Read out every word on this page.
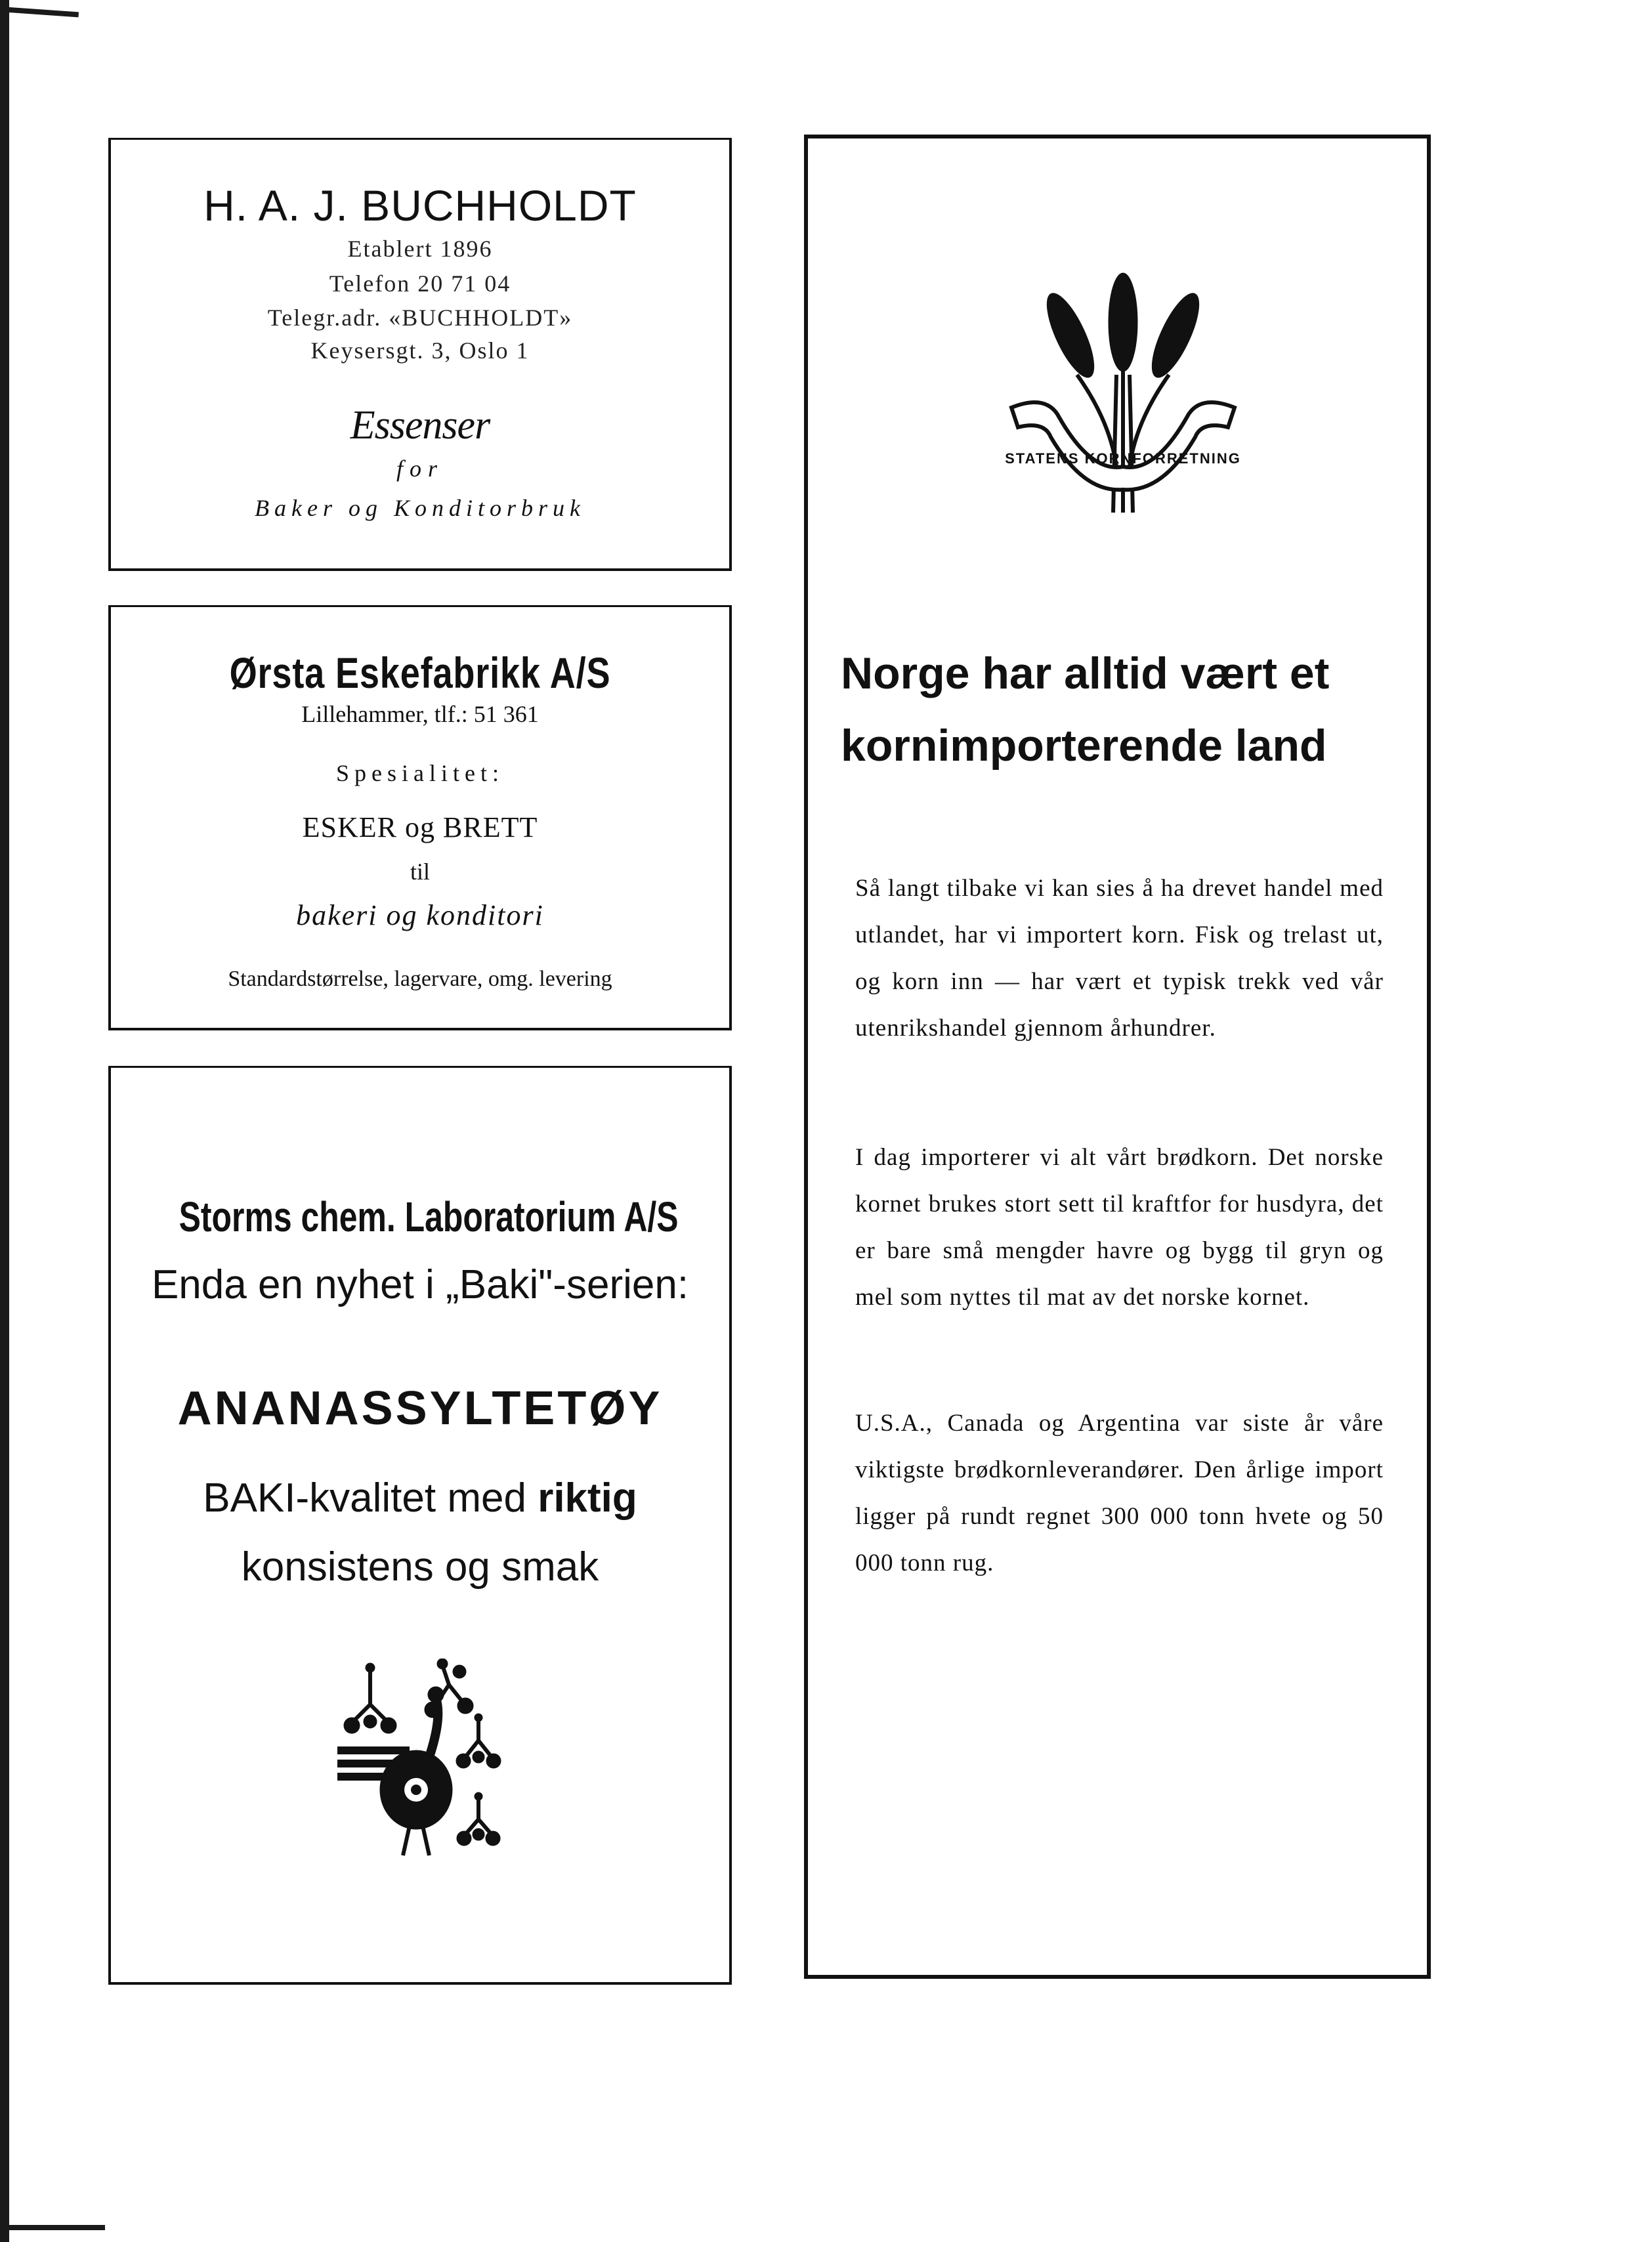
H. A. J. BUCHHOLDT
Etablert 1896
Telefon 20 71 04
Telegr.adr. «BUCHHOLDT»
Keysersgt. 3, Oslo 1
Essenser
for
Baker og Konditorbruk
Ørsta Eskefabrikk A/S
Lillehammer, tlf.: 51 361
Spesialitet:
ESKER og BRETT
til
bakeri og konditori
Standardstørrelse, lagervare, omg. levering
Storms chem. Laboratorium A/S
Enda en nyhet i „Baki"-serien:
ANANASSYLTETØY
BAKI-kvalitet med riktig
konsistens og smak
STATENS KORNFORRETNING
Norge har alltid vært et kornimporterende land

Så langt tilbake vi kan sies å ha drevet handel med utlandet, har vi importert korn. Fisk og trelast ut, og korn inn — har vært et typisk trekk ved vår utenrikshandel gjennom århundrer.

I dag importerer vi alt vårt brødkorn. Det norske kornet brukes stort sett til kraftfor for husdyra, det er bare små mengder havre og bygg til gryn og mel som nyttes til mat av det norske kornet.

U.S.A., Canada og Argentina var siste år våre viktigste brødkornleverandører. Den årlige import ligger på rundt regnet 300 000 tonn hvete og 50 000 tonn rug.
